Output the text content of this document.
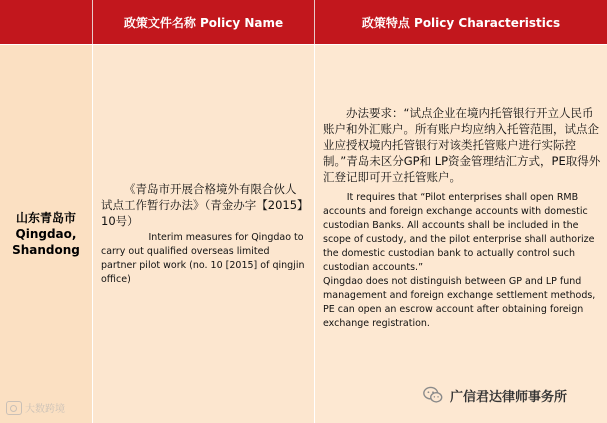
政策文件名称 Policy Name	政策特点 Policy Characteristics
山东青岛市
Qingdao,
Shandong

《青岛市开展合格境外有限合伙人试点工作暂行办法》（青金办字【2015】10号）

Interim measures for Qingdao to carry out qualified overseas limited partner pilot work (no. 10 [2015] of qingjin office)

办法要求：“试点企业在境内托管银行开立人民币账户和外汇账户。所有账户均应纳入托管范围，试点企业应授权境内托管银行对该类托管账户进行实际控制。”青岛未区分GP和 LP资金管理结汇方式，PE取得外汇登记即可开立托管账户。

It requires that “Pilot enterprises shall open RMB accounts and foreign exchange accounts with domestic custodian Banks. All accounts shall be included in the scope of custody, and the pilot enterprise shall authorize the domestic custodian bank to actually control such custodian accounts.”

Qingdao does not distinguish between GP and LP fund management and foreign exchange settlement methods, PE can open an escrow account after obtaining foreign exchange registration.

大数跨境
广信君达律师事务所
